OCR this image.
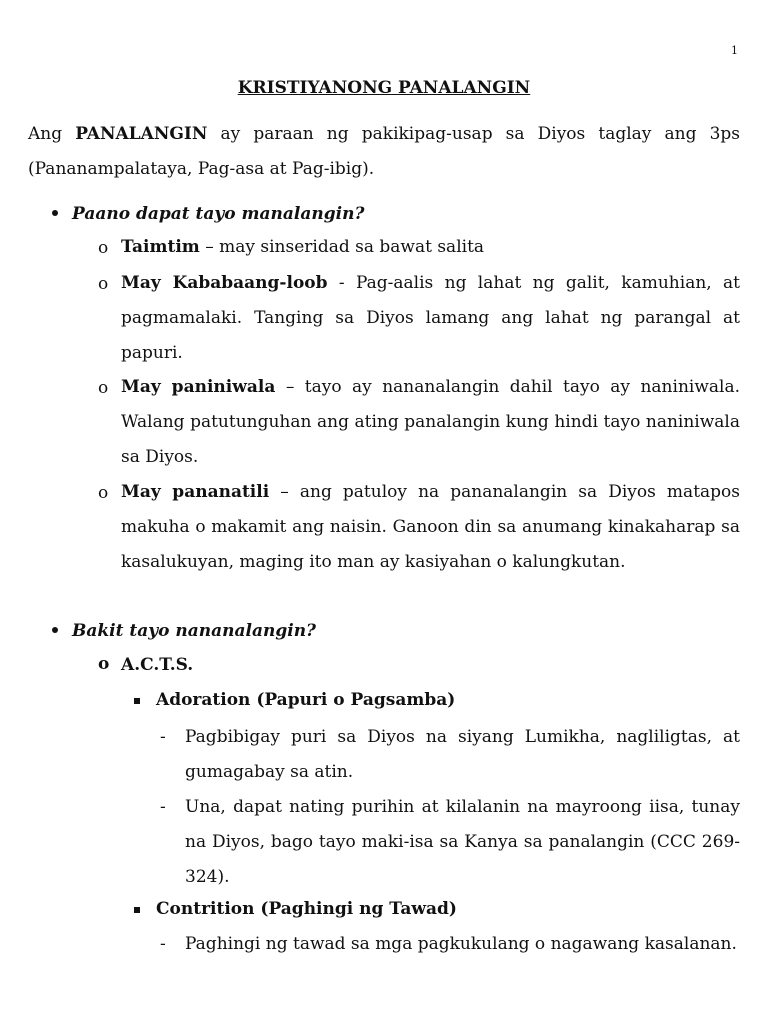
1
KRISTIYANONG PANALANGIN
Ang PANALANGIN ay paraan ng pakikipag-usap sa Diyos taglay ang 3ps (Pananampalataya, Pag-asa at Pag-ibig).
Paano dapat tayo manalangin?
o Taimtim – may sinseridad sa bawat salita
o May Kababaang-loob - Pag-aalis ng lahat ng galit, kamuhian, at pagmamalaki. Tanging sa Diyos lamang ang lahat ng parangal at papuri.
o May paniniwala – tayo ay nananalangin dahil tayo ay naniniwala. Walang patutunguhan ang ating panalangin kung hindi tayo naniniwala sa Diyos.
o May pananatili – ang patuloy na pananalangin sa Diyos matapos makuha o makamit ang naisin. Ganoon din sa anumang kinakaharap sa kasalukuyan, maging ito man ay kasiyahan o kalungkutan.
Bakit tayo nananalangin?
o A.C.T.S.
Adoration (Papuri o Pagsamba)
- Pagbibigay puri sa Diyos na siyang Lumikha, nagliligtas, at gumagabay sa atin.
- Una, dapat nating purihin at kilalanin na mayroong iisa, tunay na Diyos, bago tayo maki-isa sa Kanya sa panalangin (CCC 269-324).
Contrition (Paghingi ng Tawad)
- Paghingi ng tawad sa mga pagkukulang o nagawang kasalanan.
